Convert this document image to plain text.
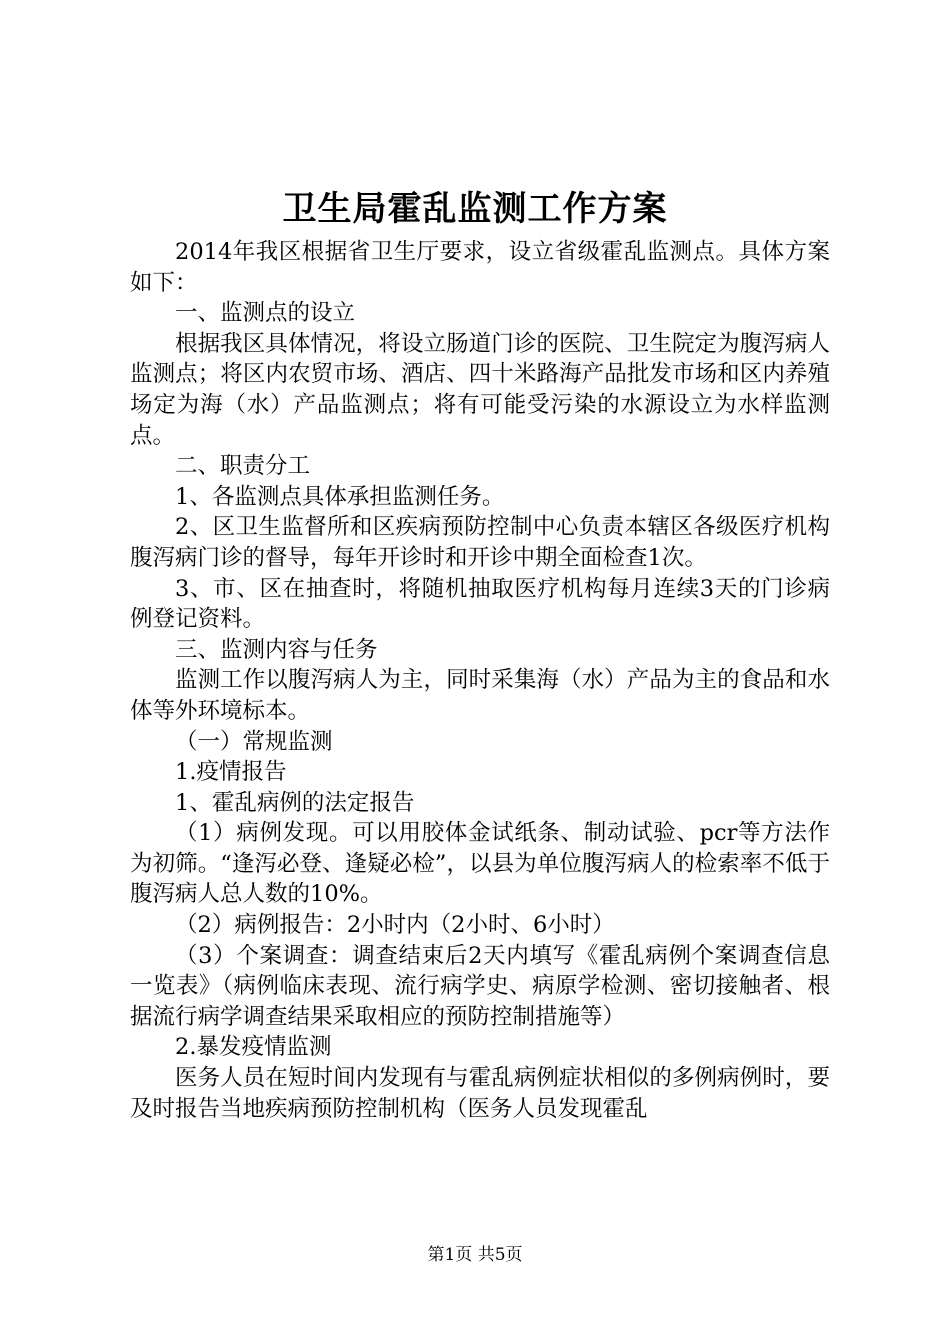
卫生局霍乱监测工作方案

2014年我区根据省卫生厅要求，设立省级霍乱监测点。具体方案如下：

一、监测点的设立

根据我区具体情况，将设立肠道门诊的医院、卫生院定为腹泻病人监测点；将区内农贸市场、酒店、四十米路海产品批发市场和区内养殖场定为海（水）产品监测点；将有可能受污染的水源设立为水样监测点。

二、职责分工

1、各监测点具体承担监测任务。

2、区卫生监督所和区疾病预防控制中心负责本辖区各级医疗机构腹泻病门诊的督导，每年开诊时和开诊中期全面检查1次。

3、市、区在抽查时，将随机抽取医疗机构每月连续3天的门诊病例登记资料。

三、监测内容与任务

监测工作以腹泻病人为主，同时采集海（水）产品为主的食品和水体等外环境标本。

（一）常规监测

1.疫情报告

1、霍乱病例的法定报告

（1）病例发现。可以用胶体金试纸条、制动试验、pcr等方法作为初筛。“逢泻必登、逢疑必检”，以县为单位腹泻病人的检索率不低于腹泻病人总人数的10%。

（2）病例报告：2小时内（2小时、6小时）

（3）个案调查：调查结束后2天内填写《霍乱病例个案调查信息一览表》（病例临床表现、流行病学史、病原学检测、密切接触者、根据流行病学调查结果采取相应的预防控制措施等）

2.暴发疫情监测

医务人员在短时间内发现有与霍乱病例症状相似的多例病例时，要及时报告当地疾病预防控制机构（医务人员发现霍乱

第1页 共5页
